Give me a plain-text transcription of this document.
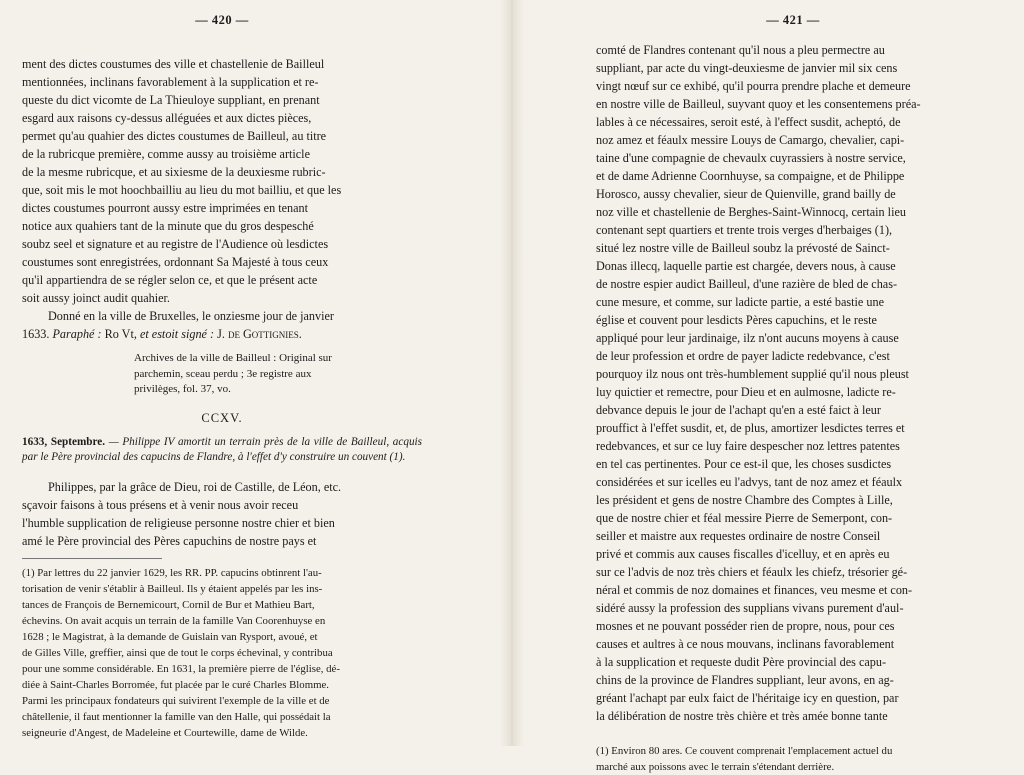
— 420 —

ment des dictes coustumes des ville et chastellenie de Bailleul

mentionnées, inclinans favorablement à la supplication et re-

queste du dict vicomte de La Thieuloye suppliant, en prenant

esgard aux raisons cy-dessus alléguées et aux dictes pièces,

permet qu'au quahier des dictes coustumes de Bailleul, au titre

de la rubricque première, comme aussy au troisième article

de la mesme rubricque, et au sixiesme de la deuxiesme rubric-

que, soit mis le mot hoochbailliu au lieu du mot bailliu, et que les

dictes coustumes pourront aussy estre imprimées en tenant

notice aux quahiers tant de la minute que du gros despesché

soubz seel et signature et au registre de l'Audience où lesdictes

coustumes sont enregistrées, ordonnant Sa Majesté à tous ceux

qu'il appartiendra de se régler selon ce, et que le présent acte

soit aussy joinct audit quahier.

Donné en la ville de Bruxelles, le onziesme jour de janvier

1633. Paraphé : Ro Vt, et estoit signé : J. de Gottignies.

Archives de la ville de Bailleul : Original sur
parchemin, sceau perdu ; 3e registre aux
privilèges, fol. 37, vo.
CCXV.
1633, Septembre. — Philippe IV amortit un terrain près de la ville de Bailleul, acquis par le Père provincial des capucins de Flandre, à l'effet d'y construire un couvent (1).

Philippes, par la grâce de Dieu, roi de Castille, de Léon, etc.

sçavoir faisons à tous présens et à venir nous avoir receu

l'humble supplication de religieuse personne nostre chier et bien

amé le Père provincial des Pères capuchins de nostre pays et

(1) Par lettres du 22 janvier 1629, les RR. PP. capucins obtinrent l'au-

torisation de venir s'établir à Bailleul. Ils y étaient appelés par les ins-

tances de François de Bernemicourt, Cornil de Bur et Mathieu Bart,

échevins. On avait acquis un terrain de la famille Van Coorenhuyse en

1628 ; le Magistrat, à la demande de Guislain van Rysport, avoué, et

de Gilles Ville, greffier, ainsi que de tout le corps échevinal, y contribua

pour une somme considérable. En 1631, la première pierre de l'église, dé-

diée à Saint-Charles Borromée, fut placée par le curé Charles Blomme.

Parmi les principaux fondateurs qui suivirent l'exemple de la ville et de

châtellenie, il faut mentionner la famille van den Halle, qui possédait la

seigneurie d'Angest, de Madeleine et Courtewille, dame de Wilde.

— 421 —

comté de Flandres contenant qu'il nous a pleu permectre au

suppliant, par acte du vingt-deuxiesme de janvier mil six cens

vingt nœuf sur ce exhibé, qu'il pourra prendre plache et demeure

en nostre ville de Bailleul, suyvant quoy et les consentemens préa-

lables à ce nécessaires, seroit esté, à l'effect susdit, acheptó, de

noz amez et féaulx messire Louys de Camargo, chevalier, capi-

taine d'une compagnie de chevaulx cuyrassiers à nostre service,

et de dame Adrienne Coornhuyse, sa compaigne, et de Philippe

Horosco, aussy chevalier, sieur de Quienville, grand bailly de

noz ville et chastellenie de Berghes-Saint-Winnocq, certain lieu

contenant sept quartiers et trente trois verges d'herbaiges (1),

situé lez nostre ville de Bailleul soubz la prévosté de Sainct-

Donas illecq, laquelle partie est chargée, devers nous, à cause

de nostre espier audict Bailleul, d'une razière de bled de chas-

cune mesure, et comme, sur ladicte partie, a esté bastie une

église et couvent pour lesdicts Pères capuchins, et le reste

appliqué pour leur jardinaige, ilz n'ont aucuns moyens à cause

de leur profession et ordre de payer ladicte redebvance, c'est

pourquoy ilz nous ont très-humblement supplié qu'il nous pleust

luy quictier et remectre, pour Dieu et en aulmosne, ladicte re-

debvance depuis le jour de l'achapt qu'en a esté faict à leur

prouffict à l'effet susdit, et, de plus, amortizer lesdictes terres et

redebvances, et sur ce luy faire despescher noz lettres patentes

en tel cas pertinentes. Pour ce est-il que, les choses susdictes

considérées et sur icelles eu l'advys, tant de noz amez et féaulx

les président et gens de nostre Chambre des Comptes à Lille,

que de nostre chier et féal messire Pierre de Semerpont, con-

seiller et maistre aux requestes ordinaire de nostre Conseil

privé et commis aux causes fiscalles d'icelluy, et en après eu

sur ce l'advis de noz très chiers et féaulx les chiefz, trésorier gé-

néral et commis de noz domaines et finances, veu mesme et con-

sidéré aussy la profession des supplians vivans purement d'aul-

mosnes et ne pouvant posséder rien de propre, nous, pour ces

causes et aultres à ce nous mouvans, inclinans favorablement

à la supplication et requeste dudit Père provincial des capu-

chins de la province de Flandres suppliant, leur avons, en ag-

gréant l'achapt par eulx faict de l'héritaige icy en question, par

la délibération de nostre très chière et très amée bonne tante

(1) Environ 80 ares. Ce couvent comprenait l'emplacement actuel du

marché aux poissons avec le terrain s'étendant derrière.
